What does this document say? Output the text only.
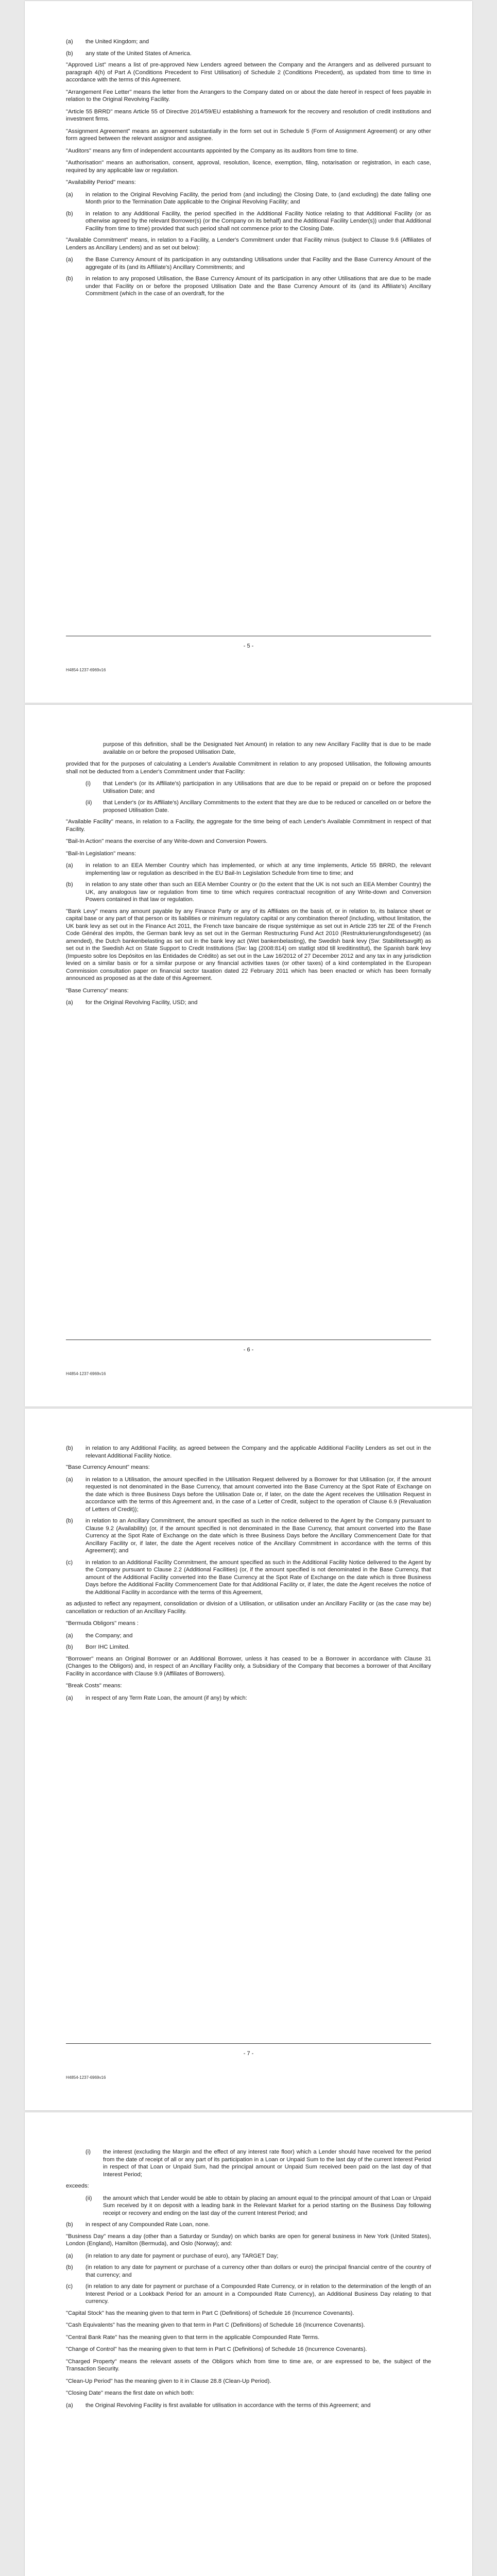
(a)	the United Kingdom; and
(b)	any state of the United States of America.

"Approved List" means a list of pre-approved New Lenders agreed between the Company and the Arrangers and as delivered pursuant to paragraph 4(h) of Part A (Conditions Precedent to First Utilisation) of Schedule 2 (Conditions Precedent), as updated from time to time in accordance with the terms of this Agreement.

"Arrangement Fee Letter" means the letter from the Arrangers to the Company dated on or about the date hereof in respect of fees payable in relation to the Original Revolving Facility.

"Article 55 BRRD" means Article 55 of Directive 2014/59/EU establishing a framework for the recovery and resolution of credit institutions and investment firms.

"Assignment Agreement" means an agreement substantially in the form set out in Schedule 5 (Form of Assignment Agreement) or any other form agreed between the relevant assignor and assignee.

"Auditors" means any firm of independent accountants appointed by the Company as its auditors from time to time.

"Authorisation" means an authorisation, consent, approval, resolution, licence, exemption, filing, notarisation or registration, in each case, required by any applicable law or regulation.

"Availability Period" means:

(a)	in relation to the Original Revolving Facility, the period from (and including) the Closing Date, to (and excluding) the date falling one Month prior to the Termination Date applicable to the Original Revolving Facility; and
(b)	in relation to any Additional Facility, the period specified in the Additional Facility Notice relating to that Additional Facility (or as otherwise agreed by the relevant Borrower(s) (or the Company on its behalf) and the Additional Facility Lender(s)) under that Additional Facility from time to time) provided that such period shall not commence prior to the Closing Date.

"Available Commitment" means, in relation to a Facility, a Lender's Commitment under that Facility minus (subject to Clause 9.6 (Affiliates of Lenders as Ancillary Lenders) and as set out below):

(a)	the Base Currency Amount of its participation in any outstanding Utilisations under that Facility and the Base Currency Amount of the aggregate of its (and its Affiliate's) Ancillary Commitments; and
(b)	in relation to any proposed Utilisation, the Base Currency Amount of its participation in any other Utilisations that are due to be made under that Facility on or before the proposed Utilisation Date and the Base Currency Amount of its (and its Affiliate's) Ancillary Commitment (which in the case of an overdraft, for the
- 5 -
H4854-1237-6969v16

purpose of this definition, shall be the Designated Net Amount) in relation to any new Ancillary Facility that is due to be made available on or before the proposed Utilisation Date,

provided that for the purposes of calculating a Lender's Available Commitment in relation to any proposed Utilisation, the following amounts shall not be deducted from a Lender's Commitment under that Facility:

(i)	that Lender's (or its Affiliate's) participation in any Utilisations that are due to be repaid or prepaid on or before the proposed Utilisation Date; and
(ii)	that Lender's (or its Affiliate's) Ancillary Commitments to the extent that they are due to be reduced or cancelled on or before the proposed Utilisation Date.

"Available Facility" means, in relation to a Facility, the aggregate for the time being of each Lender's Available Commitment in respect of that Facility.

"Bail-In Action" means the exercise of any Write-down and Conversion Powers.

"Bail-In Legislation" means:

(a)	in relation to an EEA Member Country which has implemented, or which at any time implements, Article 55 BRRD, the relevant implementing law or regulation as described in the EU Bail-In Legislation Schedule from time to time; and
(b)	in relation to any state other than such an EEA Member Country or (to the extent that the UK is not such an EEA Member Country) the UK, any analogous law or regulation from time to time which requires contractual recognition of any Write-down and Conversion Powers contained in that law or regulation.

"Bank Levy" means any amount payable by any Finance Party or any of its Affiliates on the basis of, or in relation to, its balance sheet or capital base or any part of that person or its liabilities or minimum regulatory capital or any combination thereof (including, without limitation, the UK bank levy as set out in the Finance Act 2011, the French taxe bancaire de risque systémique as set out in Article 235 ter ZE of the French Code Général des impôts, the German bank levy as set out in the German Restructuring Fund Act 2010 (Restrukturierungsfondsgesetz) (as amended), the Dutch bankenbelasting as set out in the bank levy act (Wet bankenbelasting), the Swedish bank levy (Sw: Stabilitetsavgift) as set out in the Swedish Act on State Support to Credit Institutions (Sw: lag (2008:814) om statligt stöd till kreditinstitut), the Spanish bank levy (Impuesto sobre los Depósitos en las Entidades de Crédito) as set out in the Law 16/2012 of 27 December 2012 and any tax in any jurisdiction levied on a similar basis or for a similar purpose or any financial activities taxes (or other taxes) of a kind contemplated in the European Commission consultation paper on financial sector taxation dated 22 February 2011 which has been enacted or which has been formally announced as proposed as at the date of this Agreement.

"Base Currency" means:

(a)	for the Original Revolving Facility, USD; and
- 6 -
H4854-1237-6969v16
(b)	in relation to any Additional Facility, as agreed between the Company and the applicable Additional Facility Lenders as set out in the relevant Additional Facility Notice.

"Base Currency Amount" means:

(a)	in relation to a Utilisation, the amount specified in the Utilisation Request delivered by a Borrower for that Utilisation (or, if the amount requested is not denominated in the Base Currency, that amount converted into the Base Currency at the Spot Rate of Exchange on the date which is three Business Days before the Utilisation Date or, if later, on the date the Agent receives the Utilisation Request in accordance with the terms of this Agreement and, in the case of a Letter of Credit, subject to the operation of Clause 6.9 (Revaluation of Letters of Credit));
(b)	in relation to an Ancillary Commitment, the amount specified as such in the notice delivered to the Agent by the Company pursuant to Clause 9.2 (Availability) (or, if the amount specified is not denominated in the Base Currency, that amount converted into the Base Currency at the Spot Rate of Exchange on the date which is three Business Days before the Ancillary Commencement Date for that Ancillary Facility or, if later, the date the Agent receives notice of the Ancillary Commitment in accordance with the terms of this Agreement); and
(c)	in relation to an Additional Facility Commitment, the amount specified as such in the Additional Facility Notice delivered to the Agent by the Company pursuant to Clause 2.2 (Additional Facilities) (or, if the amount specified is not denominated in the Base Currency, that amount of the Additional Facility converted into the Base Currency at the Spot Rate of Exchange on the date which is three Business Days before the Additional Facility Commencement Date for that Additional Facility or, if later, the date the Agent receives the notice of the Additional Facility in accordance with the terms of this Agreement,

as adjusted to reflect any repayment, consolidation or division of a Utilisation, or utilisation under an Ancillary Facility or (as the case may be) cancellation or reduction of an Ancillary Facility.

"Bermuda Obligors" means :

(a)	the Company; and
(b)	Borr IHC Limited.

"Borrower" means an Original Borrower or an Additional Borrower, unless it has ceased to be a Borrower in accordance with Clause 31 (Changes to the Obligors) and, in respect of an Ancillary Facility only, a Subsidiary of the Company that becomes a borrower of that Ancillary Facility in accordance with Clause 9.9 (Affiliates of Borrowers).

"Break Costs" means:

(a)	in respect of any Term Rate Loan, the amount (if any) by which:
- 7 -
H4854-1237-6969v16
(i)	the interest (excluding the Margin and the effect of any interest rate floor) which a Lender should have received for the period from the date of receipt of all or any part of its participation in a Loan or Unpaid Sum to the last day of the current Interest Period in respect of that Loan or Unpaid Sum, had the principal amount or Unpaid Sum received been paid on the last day of that Interest Period;

exceeds:

(ii)	the amount which that Lender would be able to obtain by placing an amount equal to the principal amount of that Loan or Unpaid Sum received by it on deposit with a leading bank in the Relevant Market for a period starting on the Business Day following receipt or recovery and ending on the last day of the current Interest Period; and
(b)	in respect of any Compounded Rate Loan, none.

"Business Day" means a day (other than a Saturday or Sunday) on which banks are open for general business in New York (United States), London (England), Hamilton (Bermuda), and Oslo (Norway); and:

(a)	(in relation to any date for payment or purchase of euro), any TARGET Day;
(b)	(in relation to any date for payment or purchase of a currency other than dollars or euro) the principal financial centre of the country of that currency; and
(c)	(in relation to any date for payment or purchase of a Compounded Rate Currency, or in relation to the determination of the length of an Interest Period or a Lookback Period for an amount in a Compounded Rate Currency), an Additional Business Day relating to that currency.

"Capital Stock" has the meaning given to that term in Part C (Definitions) of Schedule 16 (Incurrence Covenants).

"Cash Equivalents" has the meaning given to that term in Part C (Definitions) of Schedule 16 (Incurrence Covenants).

"Central Bank Rate" has the meaning given to that term in the applicable Compounded Rate Terms.

"Change of Control" has the meaning given to that term in Part C (Definitions) of Schedule 16 (Incurrence Covenants).

"Charged Property" means the relevant assets of the Obligors which from time to time are, or are expressed to be, the subject of the Transaction Security.

"Clean-Up Period" has the meaning given to it in Clause 28.8 (Clean-Up Period).

"Closing Date" means the first date on which both:

(a)	the Original Revolving Facility is first available for utilisation in accordance with the terms of this Agreement; and
